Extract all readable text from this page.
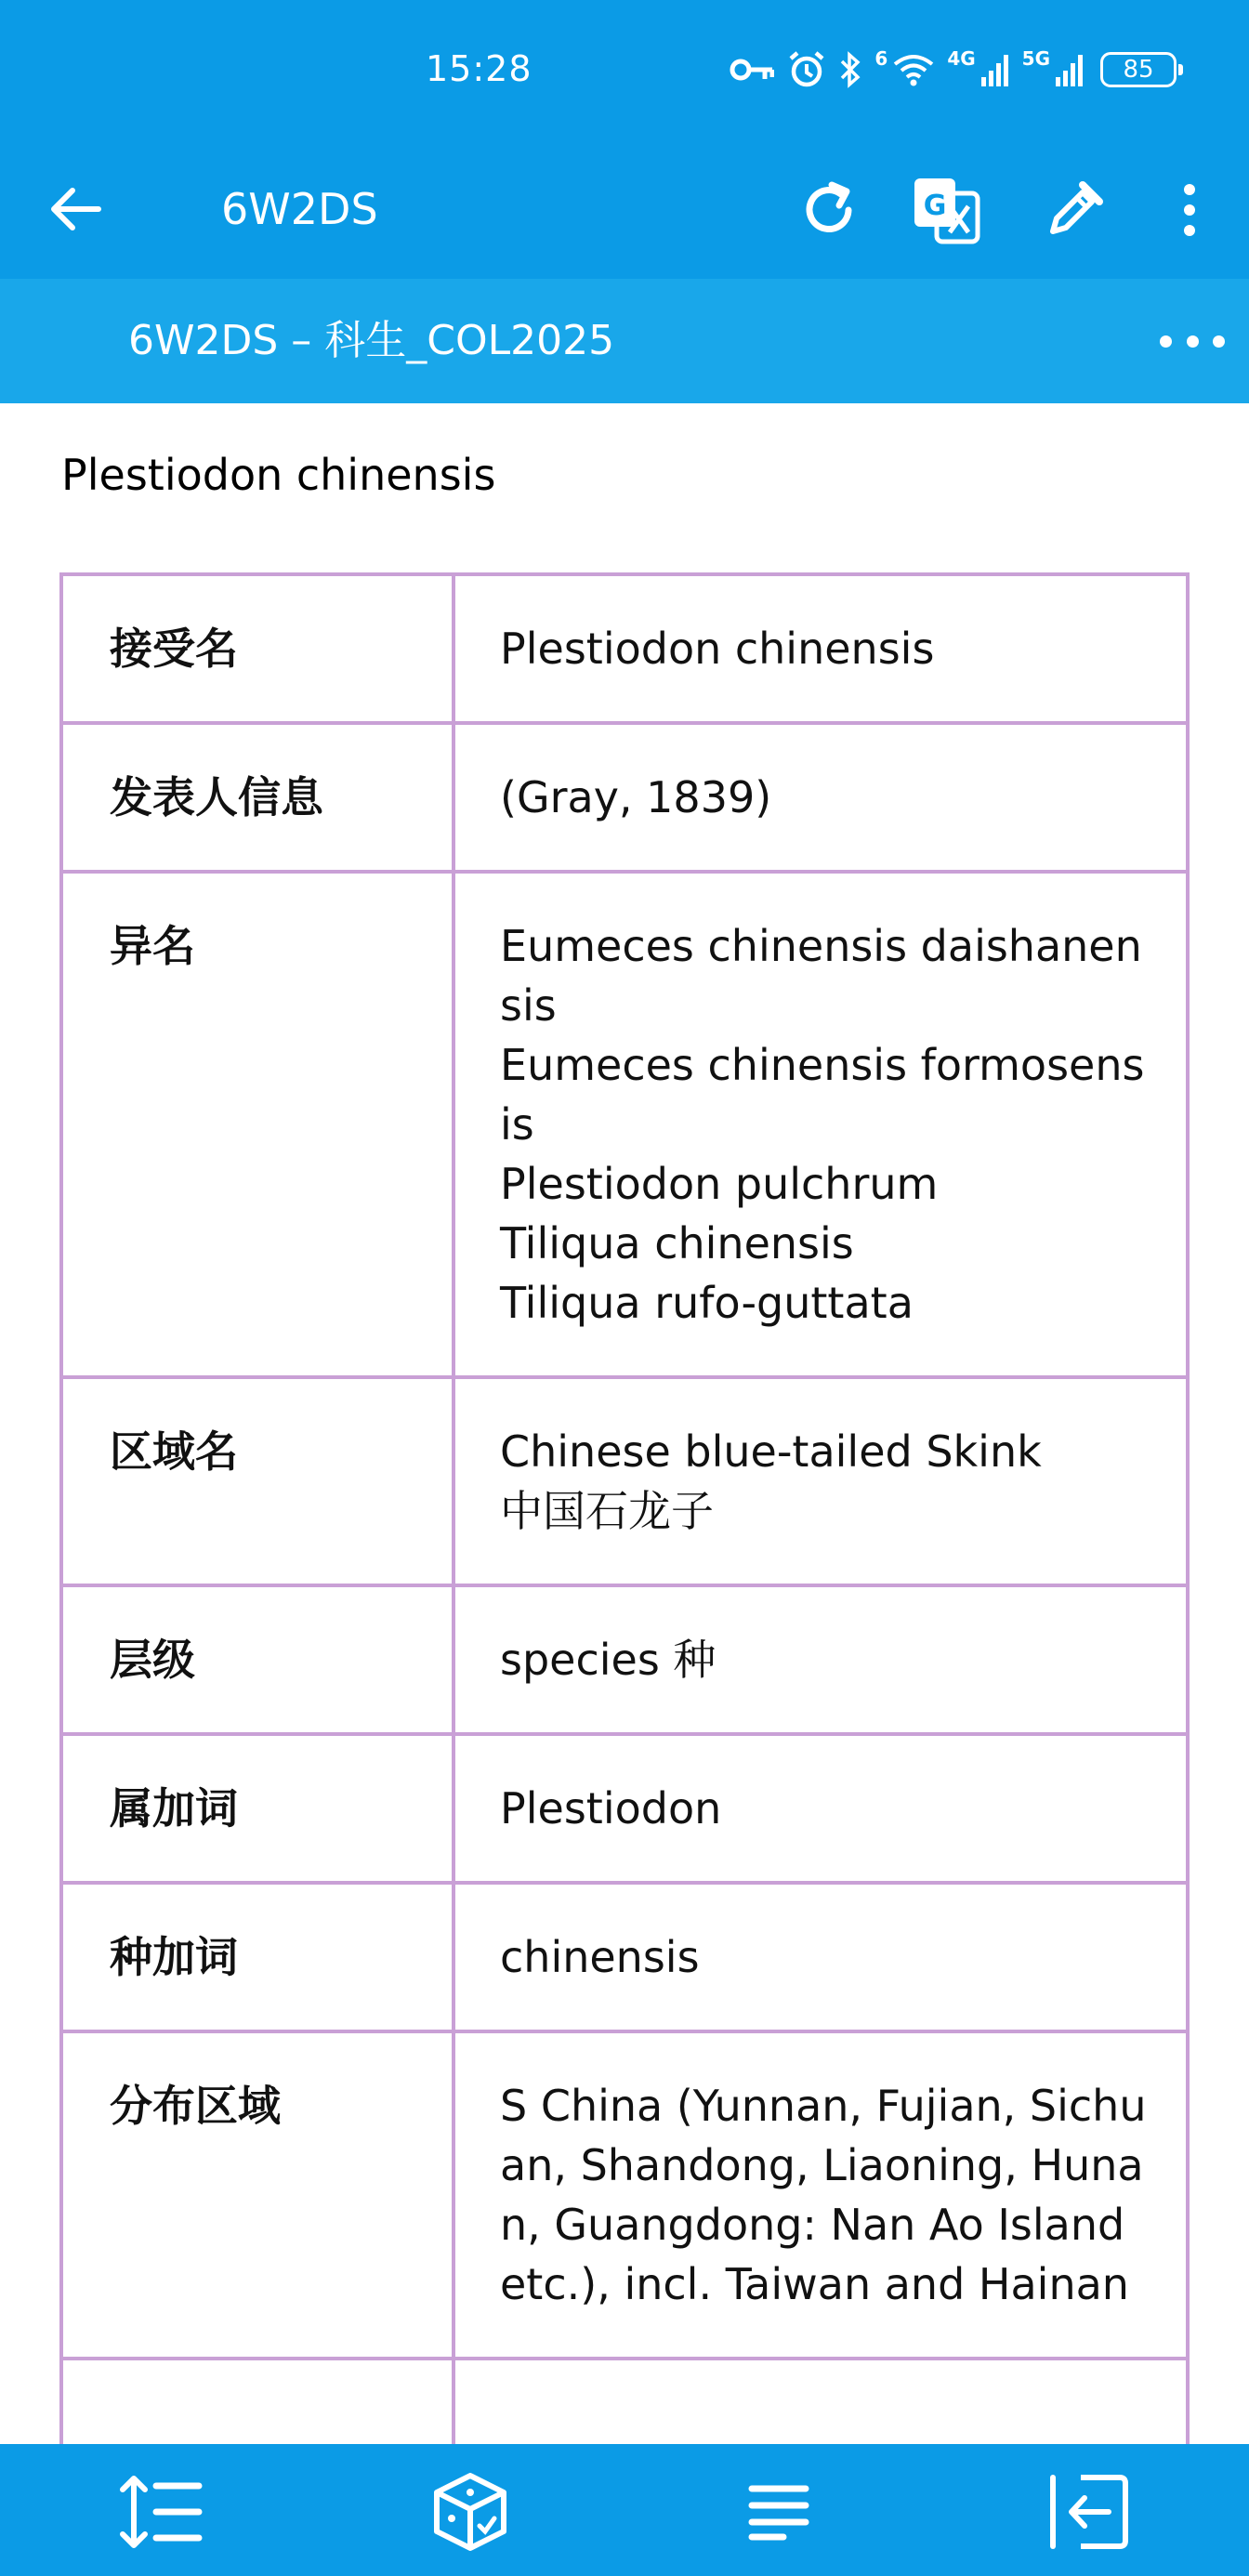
15:28	6	4G	5G	85
6W2DS	G
6W2DS – 科生_COL2025
Plestiodon chinensis
接受名	Plestiodon chinensis

发表人信息	(Gray, 1839)

异名	Eumeces chinensis daishanensis
Eumeces chinensis formosensis
Plestiodon pulchrum
Tiliqua chinensis
Tiliqua rufo-guttata

区域名	Chinese blue-tailed Skink
中国石龙子

层级	species 种

属加词	Plestiodon

种加词	chinensis

分布区域	S China (Yunnan, Fujian, Sichuan, Shandong, Liaoning, Hunan, Guangdong: Nan Ao Island etc.), incl. Taiwan and Hainan
